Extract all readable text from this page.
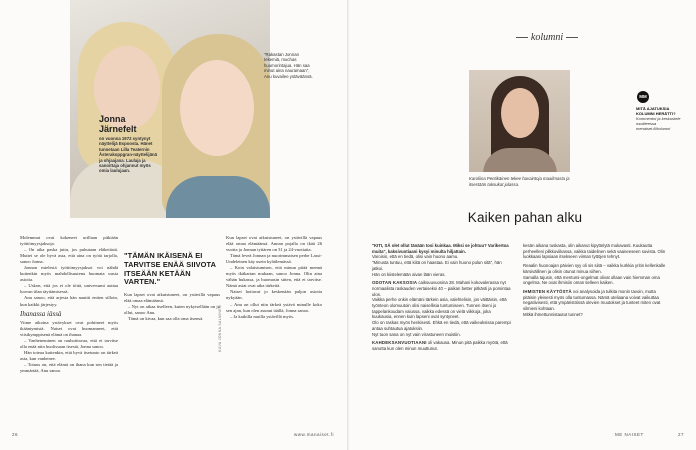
"Rakastan Jonnan tekemiä, muchas huumorintajua. Hän saa minut aina nauramaan", Anu kuvailee ystäväänsä.
Jonna Järnefelt
on vuonna 1972 syntynyt näyttelijä Espoosta. Hänet tunnetaan Lilla Teaternin Åsterakoppgran-näyttelijänä ja ohjaajana. Laulaja ja sanoittaja ohjannut myös omia laulujaan.

Molemmat ovat kokeneet urillaan pitkiään työttömyysjaksoja.

– On aika paska juttu, jos puhutaan eläkeiästä. Muttei se ole hyvä asia, että aina on työtä tarjolla, sanoo Jonna.

Jonnan mielestä työttömyysjaksot voi nähdä kuitenkin myös mahdollisuutena huomata uusia asioita.

– Uskon, että jos ei ole töitä, universumi auttaa luovan tilan täyttämisessä.

Anu sanoo, että arjesta hän nauttii eniten silloin, kun kaikki järjestyy.

Ihanassa iässä

Viime aikoina ystävykset ovat pohtineet myös ikääntymistä. Naiset ovat huomanneet, että viisikymppisenä elämä on ihanaa.

– Vanheneminen on rauhoittavaa, että ei tarvitse olla enää niin huolissaan itsestä, Jonna sanoo.

Hän toteaa kuitenkin, että hyvä itsetunto on tärkeä asia, kun vanhenee.

– Totuus on, että elämä on ihana kun sen tietää ja ymmärtää, Anu sanoo.

"TÄMÄN IKÄISENÄ EI TARVITSE ENÄÄ SIIVOTA ITSEÄÄN KETÄÄN VARTEN."

Kun lapset ovat aikuistuneet, on ystävillä vapaus elää omaa elämäänsä.

– Nyt on aikaa itselleen, kuten nykyisellään on jo ollut, sanoo Anu.

Tämä on kivaa, kun saa olla oma itsensä.

Kun lapset ovat aikuistuneet, on ystävillä vapaus elää omaa elämäänsä. Annan pojalla on ikää 26 vuotta ja Jonnan tyttären on 31 ja 24-vuotiaita.

Tämä leveä Jonnan ja nuorimmaisen perhe Lassi-Undeleinen käy usein kyläilemässä.

– Koin valaistumisen, että minun pitää mennä myös ikäkartan mukaan, sanoo Jonna. Olin aina vähän hukassa, ja huomasin sitten, että ei tarvitse. Nämä asiat ovat aika tärkeitä.

Naiset hoitavat jo keskenään paljon asioita nykyään.

– Anu on ollut niin tärkeä ystävä minulle koko sen ajan, kun olen asunut täällä, Jonna sanoo.

– Ja kaikilla muilla ystävillä myös.

KUVA JONNA SALMINEN
26	www.manaiset.fi
kolumni
Karoliina Pentikäinen tekee havaintoja maailmasta ja itsestään tuksukat julassa.
MM
MITÄ AJATUKSIA KOLUMNI HERÄTTI?
Kommentoi ja keskustele osoitteessa menaiset.fi/kolumni
Kaiken pahan alku

"KITI, SÄ olet ollut tänään tosi kuinkaa. Miksi se johtuu? Varikertoa muita", kaksivuotiaani kysyi minulta hiljattain.

Varoisin, että en tiedä, olisi vain huono aamu.

"Minusta tuntuu, että kiitä on haastaa. Ei vain huono pulun sitä", hän jatkoi.

Hän on kiistelemään aivan lään vieras.

ODOTAN KAKSOSIA caiksuuvuosina 28. Mahani kokovalerassa nyt normaalista raskauden vertaiseksi 40 – paikan better pitkästi ja pomintaa ulos.

Vaikka perhe onkin elämäni tärkein asia, valehtelisin, jos väittäisin, että työnteon olomuutoin olisi naisellisia tuntumiseen. Tunnen itseni jo tappelankoudam vaiussa, vaikka edessä on vielä viikkoja, joka kuukausia, ennen kuin lapseni ovat syntyneet.

Olo on raskas myös henkisesti. Ehkä en tiedä, että vaikeuksissa parempi antaa suhtautua ajatuksiin.

Nyt tuon sana on nyt vain virastuneen muistiin.

KAHDEKSANVUOTIAANI oli vakausa. Minun pitä paikka myötä, että sanotta kun olen minun muuttunut.

kesän aikana tuskasta, olin aikanut kipyttelytä mukavasti. Kuukautta perheelleni pilkkuviikassa, vaikka taidelinen sekä vaaneeseen suvista. Olin luokkaasi lapsiaan itsekseen viiman tyttöjen tehnyt.

Reaalin huonoajan päivien syy oli sis siitä – vaikka kurkkia yritin kellenkalle kärsivällinen ja olisin otunut minua siihen.

Samalla tajusin, että mentumi-ongelmat olivat ollaan vain hiemman oma ongelma. Ne ovat ihmisiin oman tielleen kaiken.

IHMISTEN KÄYTÖSTÄ voi analysoida ja tulkita monin tavoin, mutta pitäisin yleisesti myös olla tuntumassa. Nämä uteliaana voivat vaikuttaa negatiivisesti, että ympäristöissä olevien muutokset ja tunteet miten ovat silmieni kohtaan.

Mitkä ihmettunnistautut tunnet?

ME NAISET	27
